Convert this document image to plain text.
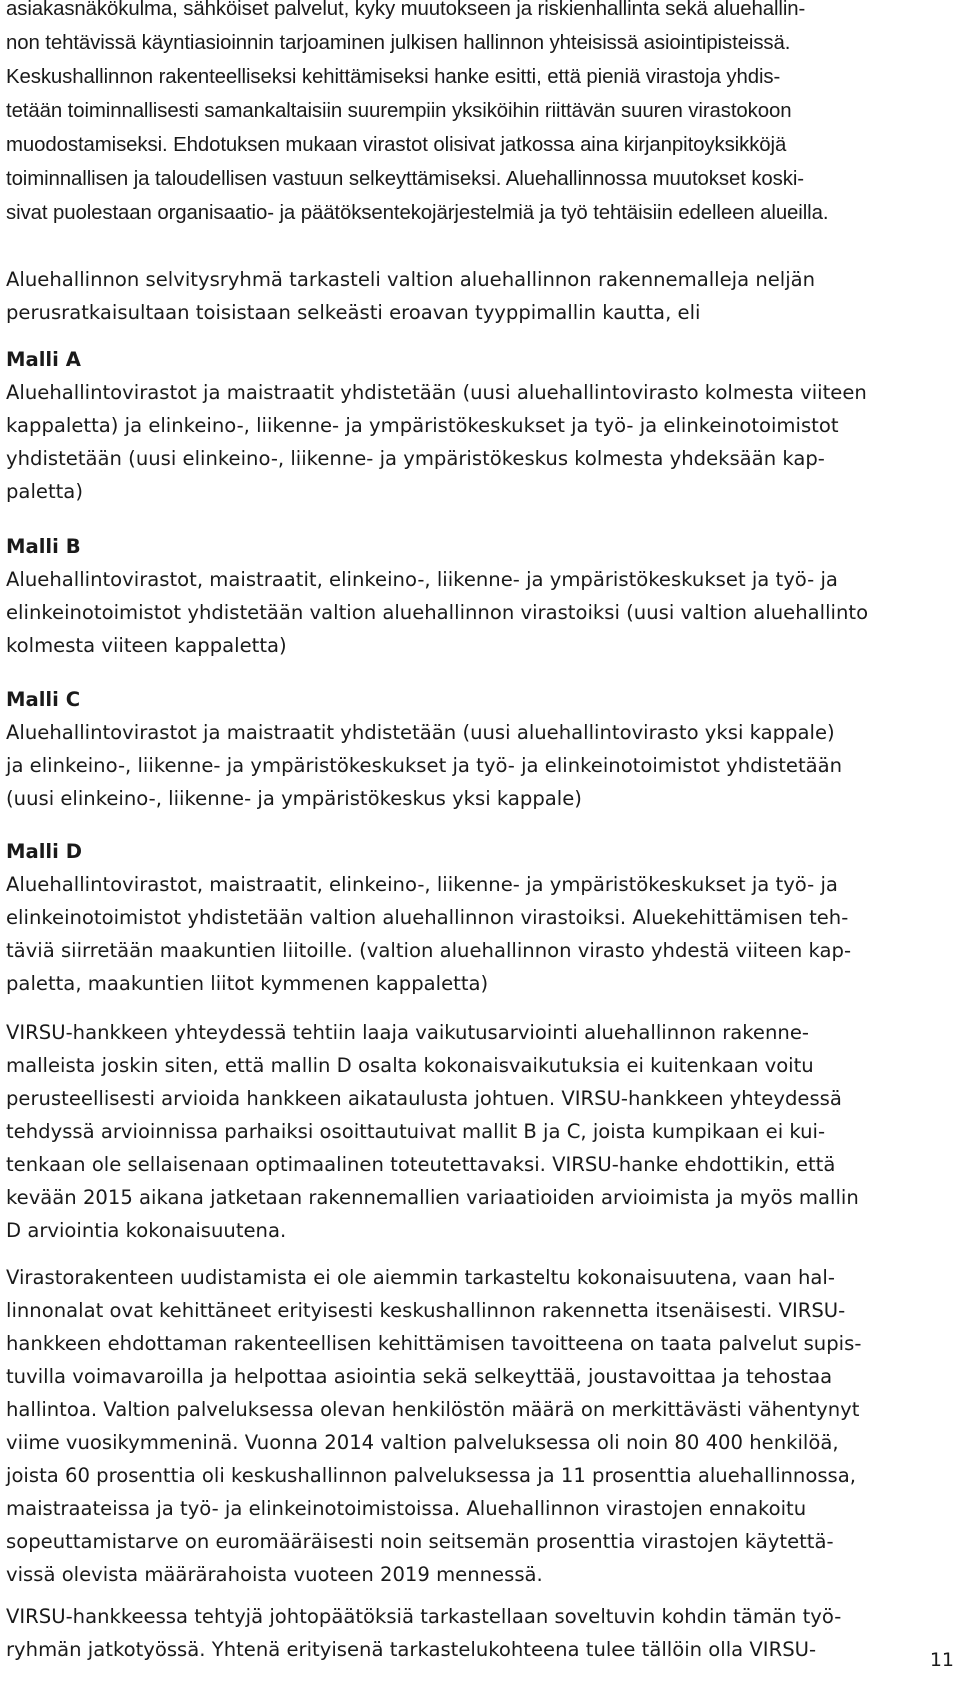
asiakasnäkökulma, sähköiset palvelut, kyky muutokseen ja riskienhallinta sekä aluehallin-
non tehtävissä käyntiasioinnin tarjoaminen julkisen hallinnon yhteisissä asiointipisteissä.
Keskushallinnon rakenteelliseksi kehittämiseksi hanke esitti, että pieniä virastoja yhdis-
tetään toiminnallisesti samankaltaisiin suurempiin yksiköihin riittävän suuren virastokoon
muodostamiseksi. Ehdotuksen mukaan virastot olisivat jatkossa aina kirjanpitoyksikköjä
toiminnallisen ja taloudellisen vastuun selkeyttämiseksi. Aluehallinnossa muutokset koski-
sivat puolestaan organisaatio- ja päätöksentekojärjestelmiä ja työ tehtäisiin edelleen alueilla.
Aluehallinnon selvitysryhmä tarkasteli valtion aluehallinnon rakennemalleja neljän
perusratkaisultaan toisistaan selkeästi eroavan tyyppimallin kautta, eli
Malli A
Aluehallintovirastot ja maistraatit yhdistetään (uusi aluehallintovirasto kolmesta viiteen
kappaletta) ja elinkeino-, liikenne- ja ympäristökeskukset ja työ- ja elinkeinotoimistot
yhdistetään (uusi elinkeino-, liikenne- ja ympäristökeskus kolmesta yhdeksään kap-
paletta)
Malli B
Aluehallintovirastot, maistraatit, elinkeino-, liikenne- ja ympäristökeskukset ja työ- ja
elinkeinotoimistot yhdistetään valtion aluehallinnon virastoiksi (uusi valtion aluehallinto
kolmesta viiteen kappaletta)
Malli C
Aluehallintovirastot ja maistraatit yhdistetään (uusi aluehallintovirasto yksi kappale)
ja elinkeino-, liikenne- ja ympäristökeskukset ja työ- ja elinkeinotoimistot yhdistetään
(uusi elinkeino-, liikenne- ja ympäristökeskus yksi kappale)
Malli D
Aluehallintovirastot, maistraatit, elinkeino-, liikenne- ja ympäristökeskukset ja työ- ja
elinkeinotoimistot yhdistetään valtion aluehallinnon virastoiksi. Aluekehittämisen teh-
täviä siirretään maakuntien liitoille. (valtion aluehallinnon virasto yhdestä viiteen kap-
paletta, maakuntien liitot kymmenen kappaletta)
VIRSU-hankkeen yhteydessä tehtiin laaja vaikutusarviointi aluehallinnon rakenne-
malleista joskin siten, että mallin D osalta kokonaisvaikutuksia ei kuitenkaan voitu
perusteellisesti arvioida hankkeen aikataulusta johtuen. VIRSU-hankkeen yhteydessä
tehdyssä arvioinnissa parhaiksi osoittautuivat mallit B ja C, joista kumpikaan ei kui-
tenkaan ole sellaisenaan optimaalinen toteutettavaksi. VIRSU-hanke ehdottikin, että
kevään 2015 aikana jatketaan rakennemallien variaatioiden arvioimista ja myös mallin
D arviointia kokonaisuutena.
Virastorakenteen uudistamista ei ole aiemmin tarkasteltu kokonaisuutena, vaan hal-
linnonalat ovat kehittäneet erityisesti keskushallinnon rakennetta itsenäisesti. VIRSU-
hankkeen ehdottaman rakenteellisen kehittämisen tavoitteena on taata palvelut supis-
tuvilla voimavaroilla ja helpottaa asiointia sekä selkeyttää, joustavoittaa ja tehostaa
hallintoa. Valtion palveluksessa olevan henkilöstön määrä on merkittävästi vähentynyt
viime vuosikymmeninä. Vuonna 2014 valtion palveluksessa oli noin 80 400 henkilöä,
joista 60 prosenttia oli keskushallinnon palveluksessa ja 11 prosenttia aluehallinnossa,
maistraateissa ja työ- ja elinkeinotoimistoissa. Aluehallinnon virastojen ennakoitu
sopeuttamistarve on euromääräisesti noin seitsemän prosenttia virastojen käytettä-
vissä olevista määrärahoista vuoteen 2019 mennessä.
VIRSU-hankkeessa tehtyjä johtopäätöksiä tarkastellaan soveltuvin kohdin tämän työ-
ryhmän jatkotyössä. Yhtenä erityisenä tarkastelukohteena tulee tällöin olla VIRSU-	11
